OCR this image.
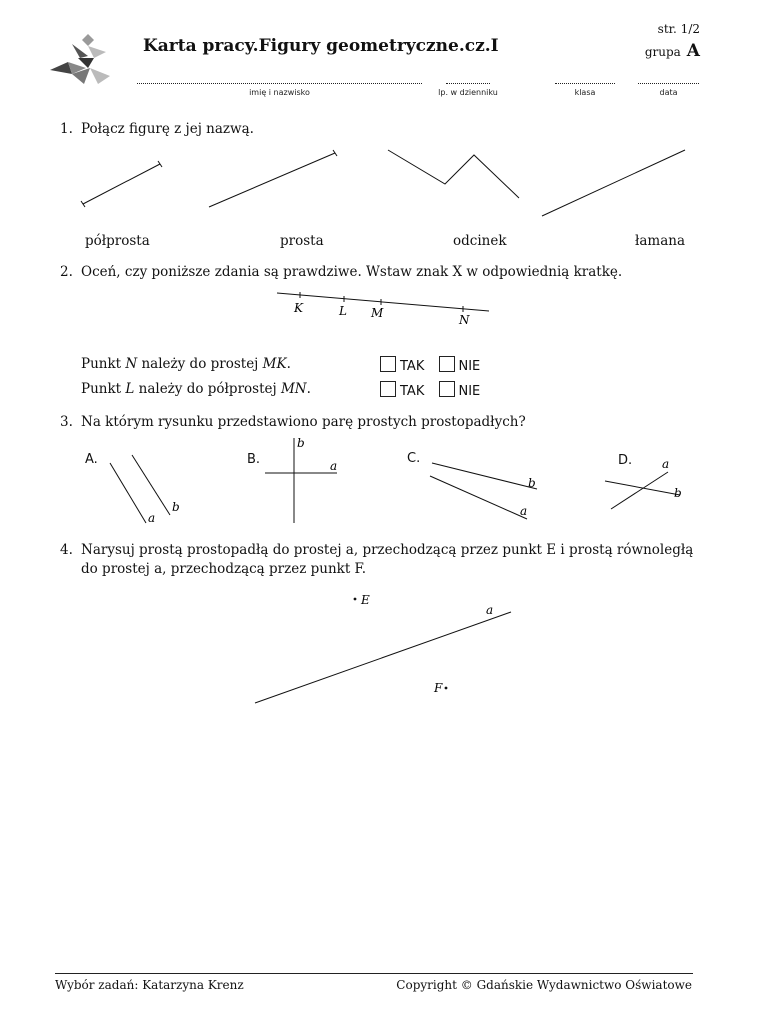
str. 1/2
Karta pracy.Figury geometryczne.cz.I	grupa A
imię i nazwisko	lp. w dzienniku	klasa	data
1. Połącz figurę z jej nazwą.
półprosta	prosta	odcinek	łamana
2. Oceń, czy poniższe zdania są prawdziwe. Wstaw znak X w odpowiednią kratkę.
K	L M	N
Punkt N należy do prostej MK.	TAK	NIE
Punkt L należy do półprostej MN.	TAK	NIE
3. Na którym rysunku przedstawiono parę prostych prostopadłych?
A.	B.	C.	D.
a
b
b
a
b
a
a
b
4. Narysuj prostą prostopadłą do prostej a, przechodzącą przez punkt E i prostą równoległą
do prostej a, przechodzącą przez punkt F.
E
a
F
Wybór zadań: Katarzyna Krenz	Copyright © Gdańskie Wydawnictwo Oświatowe
